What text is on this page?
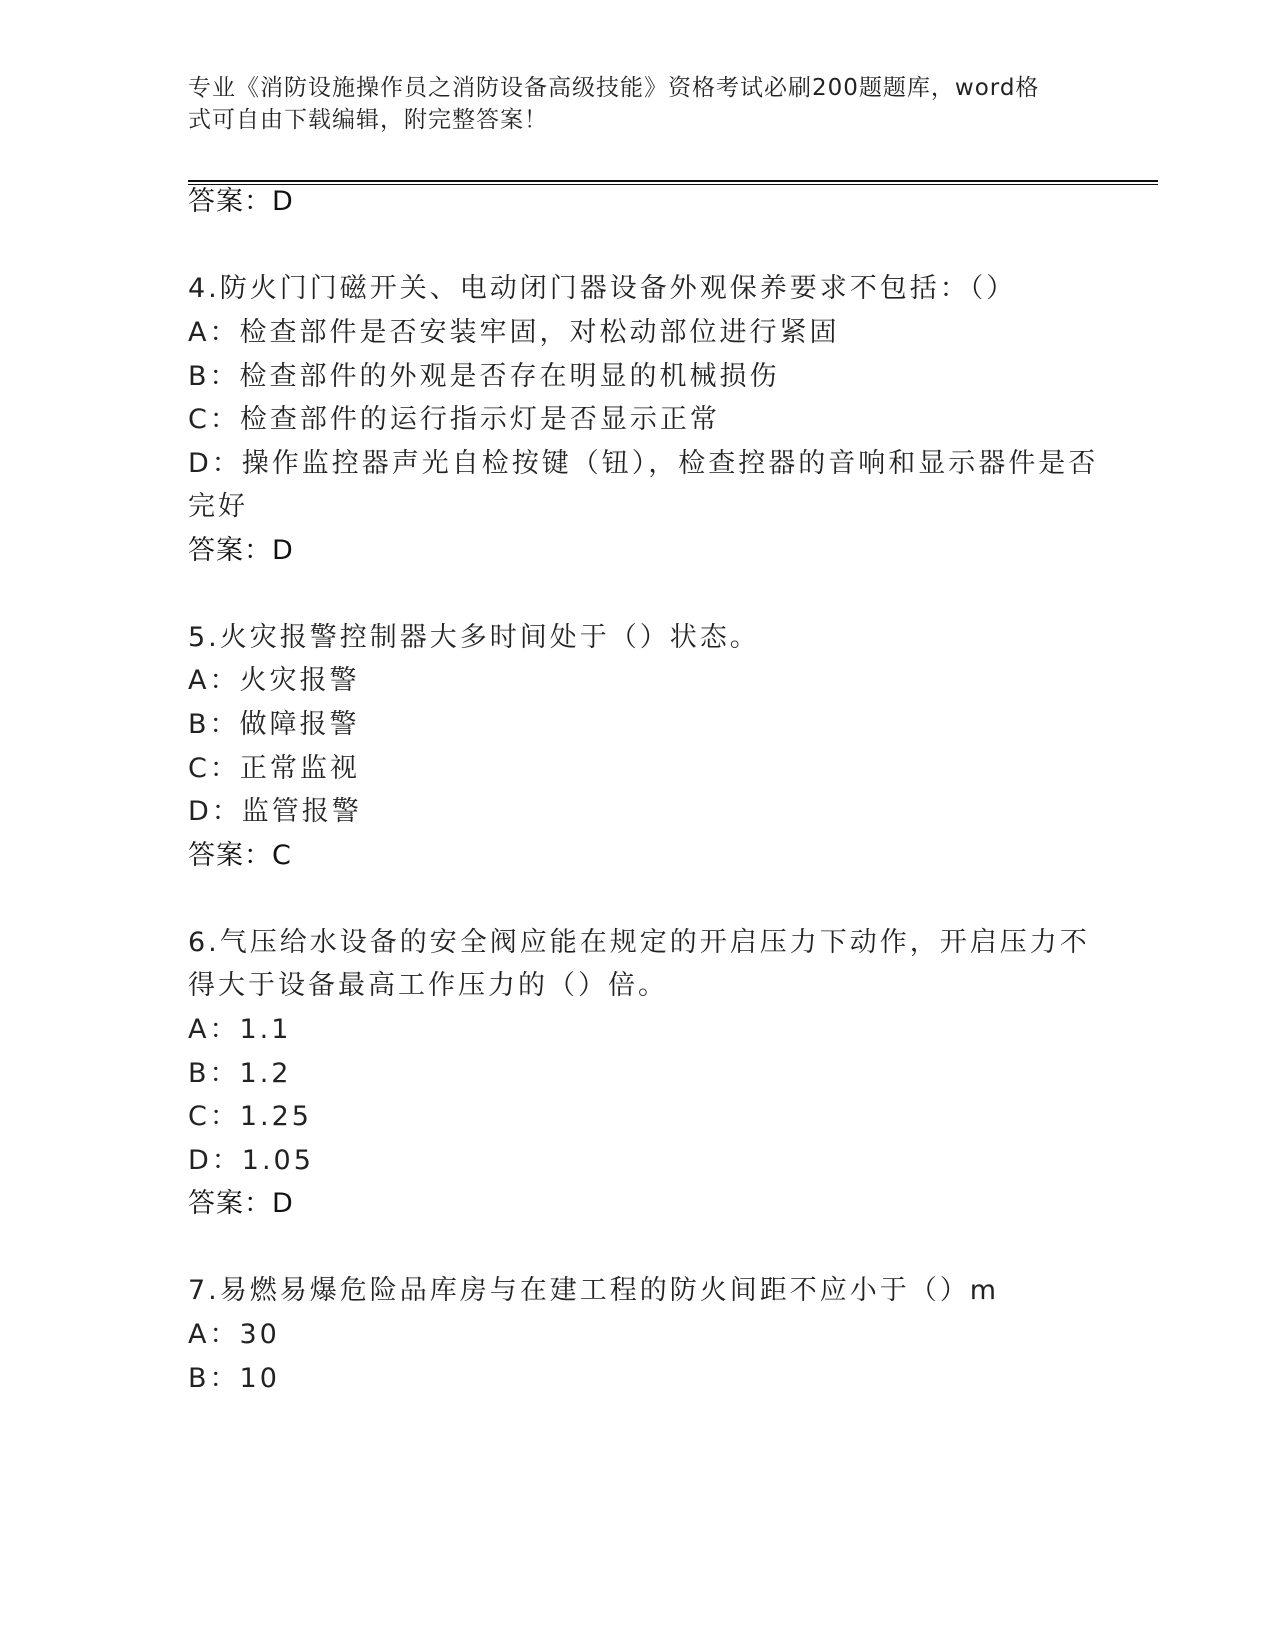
专业《消防设施操作员之消防设备高级技能》资格考试必刷200题题库，word格
式可自由下载编辑，附完整答案！
答案：D
4.防火门门磁开关、电动闭门器设备外观保养要求不包括：（）
A：检查部件是否安装牢固，对松动部位进行紧固
B：检查部件的外观是否存在明显的机械损伤
C：检查部件的运行指示灯是否显示正常
D：操作监控器声光自检按键（钮），检查控器的音响和显示器件是否
完好
答案：D
5.火灾报警控制器大多时间处于（）状态。
A：火灾报警
B：做障报警
C：正常监视
D：监管报警
答案：C
6.气压给水设备的安全阀应能在规定的开启压力下动作，开启压力不
得大于设备最高工作压力的（）倍。
A：1.1
B：1.2
C：1.25
D：1.05
答案：D
7.易燃易爆危险品库房与在建工程的防火间距不应小于（）m
A：30
B：10
